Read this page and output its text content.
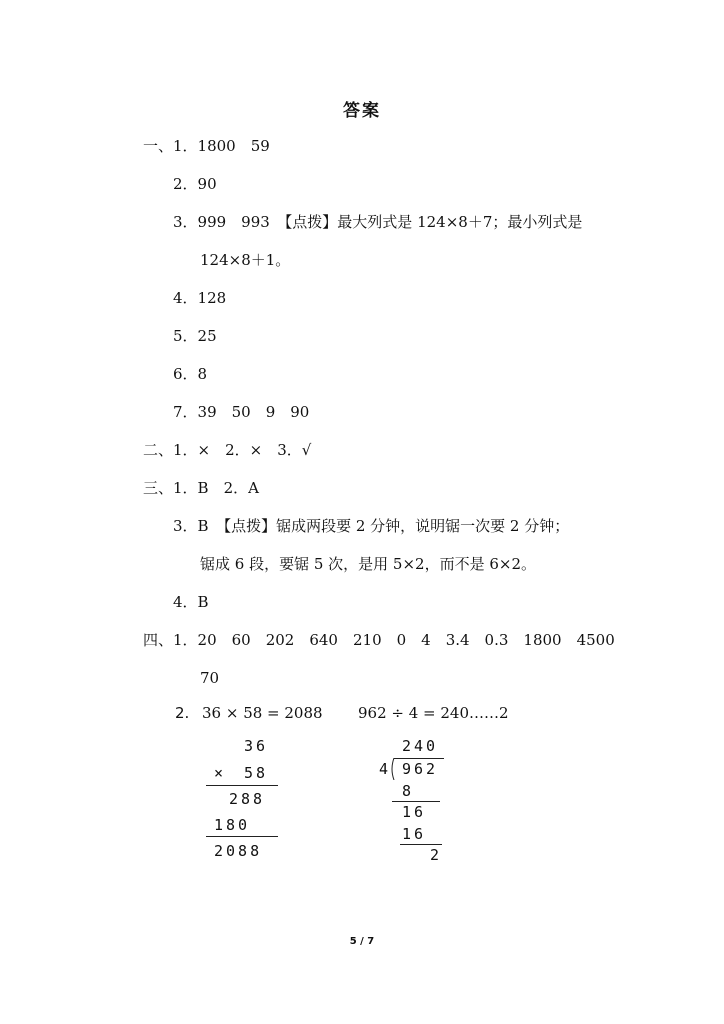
答案
一、1．1800　59
2．90
3．999　993　【点拨】最大列式是 124×8＋7；最小列式是
124×8＋1。
4．128
5．25
6．8
7．39　50　9　90
二、1．×　2．×　3．√
三、1．B　2．A
3．B　【点拨】锯成两段要 2 分钟，说明锯一次要 2 分钟；
锯成 6 段，要锯 5 次，是用 5×2，而不是 6×2。
4．B
四、1．20　60　202　640　210　0　4　3.4　0.3　1800　4500
70
2. 36 × 58 = 2088 962 ÷ 4 = 240……2
36
× 58
288
180
2088
240
4 962
8
16
16
2
5 / 7
